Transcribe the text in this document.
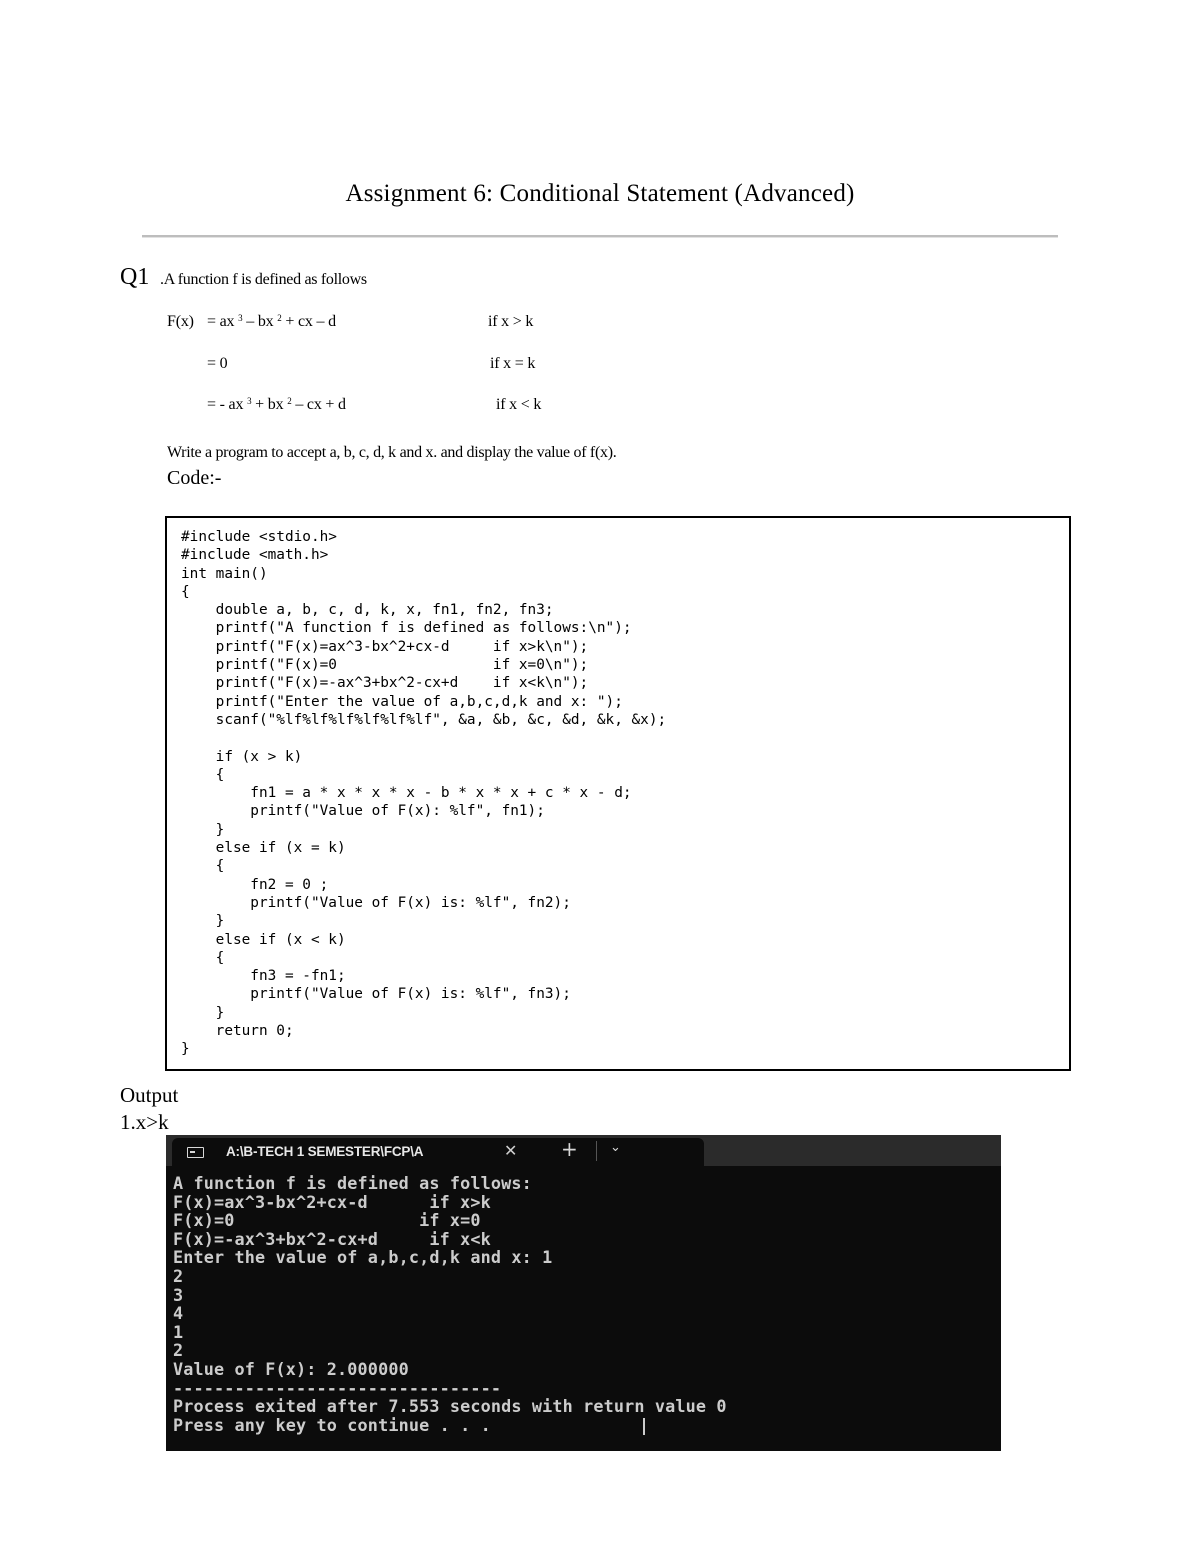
Assignment 6: Conditional Statement (Advanced)
Q1 .A function f is defined as follows
F(x) = ax $^3$ – bx $^2$ + cx – d	if x > k
= 0	if x = k
= - ax $^3$ + bx $^2$ – cx + d	if x < k
Write a program to accept a, b, c, d, k and x. and display the value of f(x).
Code:-
#include <stdio.h>
#include <math.h>
int main()
{
double a, b, c, d, k, x, fn1, fn2, fn3;
printf("A function f is defined as follows:\n");
printf("F(x)=ax^3-bx^2+cx-d     if x>k\n");
printf("F(x)=0                  if x=0\n");
printf("F(x)=-ax^3+bx^2-cx+d    if x<k\n");
printf("Enter the value of a,b,c,d,k and x: ");
scanf("%lf%lf%lf%lf%lf%lf", &a, &b, &c, &d, &k, &x);
if (x > k)
{
fn1 = a * x * x * x - b * x * x + c * x - d;
printf("Value of F(x): %lf", fn1);
}
else if (x = k)
{
fn2 = 0 ;
printf("Value of F(x) is: %lf", fn2);
}
else if (x < k)
{
fn3 = -fn1;
printf("Value of F(x) is: %lf", fn3);
}
return 0;
}
Output
1.x>k
A:\B-TECH 1 SEMESTER\FCP\A	✕ + ⌄
A function f is defined as follows:
F(x)=ax^3-bx^2+cx-d      if x>k
F(x)=0                  if x=0
F(x)=-ax^3+bx^2-cx+d     if x<k
Enter the value of a,b,c,d,k and x: 1
2
3
4
1
2
Value of F(x): 2.000000
--------------------------------
Process exited after 7.553 seconds with return value 0
Press any key to continue . . .
